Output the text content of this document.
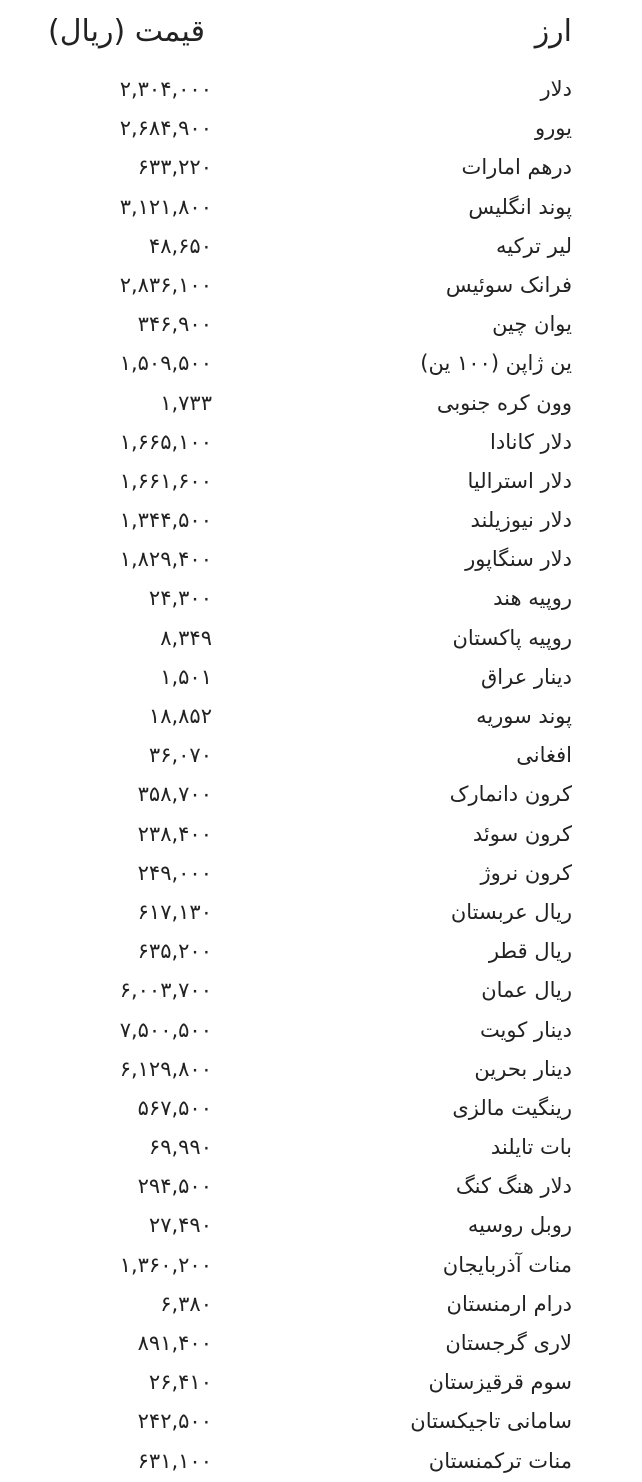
ارز
قیمت (ریال)
دلار
۲,۳۰۴,۰۰۰
یورو
۲,۶۸۴,۹۰۰
درهم امارات
۶۳۳,۲۲۰
پوند انگلیس
۳,۱۲۱,۸۰۰
لیر ترکیه
۴۸,۶۵۰
فرانک سوئیس
۲,۸۳۶,۱۰۰
یوان چین
۳۴۶,۹۰۰
ین ژاپن (۱۰۰ ین)
۱,۵۰۹,۵۰۰
وون کره جنوبی
۱,۷۳۳
دلار کانادا
۱,۶۶۵,۱۰۰
دلار استرالیا
۱,۶۶۱,۶۰۰
دلار نیوزیلند
۱,۳۴۴,۵۰۰
دلار سنگاپور
۱,۸۲۹,۴۰۰
روپیه هند
۲۴,۳۰۰
روپیه پاکستان
۸,۳۴۹
دینار عراق
۱,۵۰۱
پوند سوریه
۱۸,۸۵۲
افغانی
۳۶,۰۷۰
کرون دانمارک
۳۵۸,۷۰۰
کرون سوئد
۲۳۸,۴۰۰
کرون نروژ
۲۴۹,۰۰۰
ریال عربستان
۶۱۷,۱۳۰
ریال قطر
۶۳۵,۲۰۰
ریال عمان
۶,۰۰۳,۷۰۰
دینار کویت
۷,۵۰۰,۵۰۰
دینار بحرین
۶,۱۲۹,۸۰۰
رینگیت مالزی
۵۶۷,۵۰۰
بات تایلند
۶۹,۹۹۰
دلار هنگ کنگ
۲۹۴,۵۰۰
روبل روسیه
۲۷,۴۹۰
منات آذربایجان
۱,۳۶۰,۲۰۰
درام ارمنستان
۶,۳۸۰
لاری گرجستان
۸۹۱,۴۰۰
سوم قرقیزستان
۲۶,۴۱۰
سامانی تاجیکستان
۲۴۲,۵۰۰
منات ترکمنستان
۶۳۱,۱۰۰
